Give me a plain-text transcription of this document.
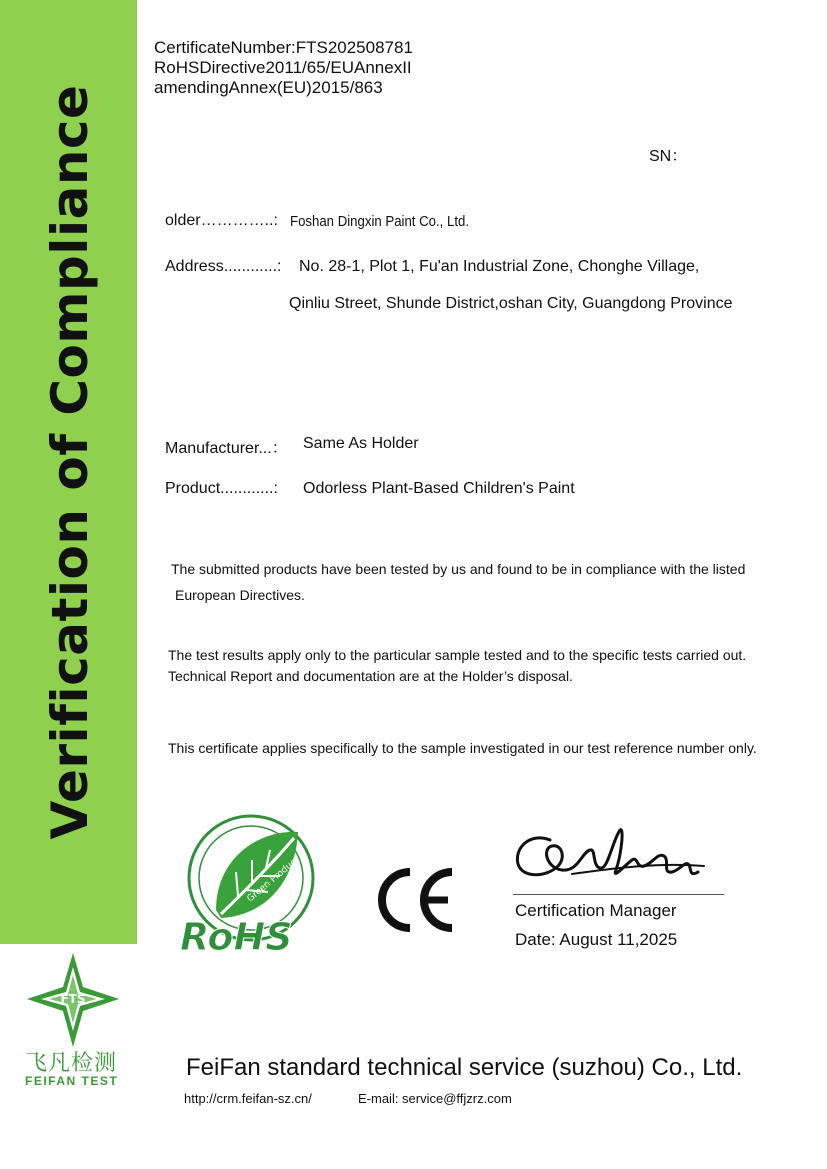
Verification of Compliance
CertificateNumber:FTS202508781
RoHSDirective2011/65/EUAnnexII
amendingAnnex(EU)2015/863
SN：
older…………..: Foshan Dingxin Paint Co., Ltd.
Address............: No. 28-1, Plot 1, Fu'an Industrial Zone, Chonghe Village,
Qinliu Street, Shunde District,oshan City, Guangdong Province
Manufacturer...： Same As Holder
Product............: Odorless Plant-Based Children's Paint
The submitted products have been tested by us and found to be in compliance with the listed
European Directives.
The test results apply only to the particular sample tested and to the specific tests carried out.
Technical Report and documentation are at the Holder’s disposal.
This certificate applies specifically to the sample investigated in our test reference number only.
Green Product
RoHS
Certification Manager
Date: August 11,2025
FTS
飞凡检测
FEIFAN TEST	FeiFan standard technical service (suzhou) Co., Ltd.
http://crm.feifan-sz.cn/	E-mail: service@ffjzrz.com
